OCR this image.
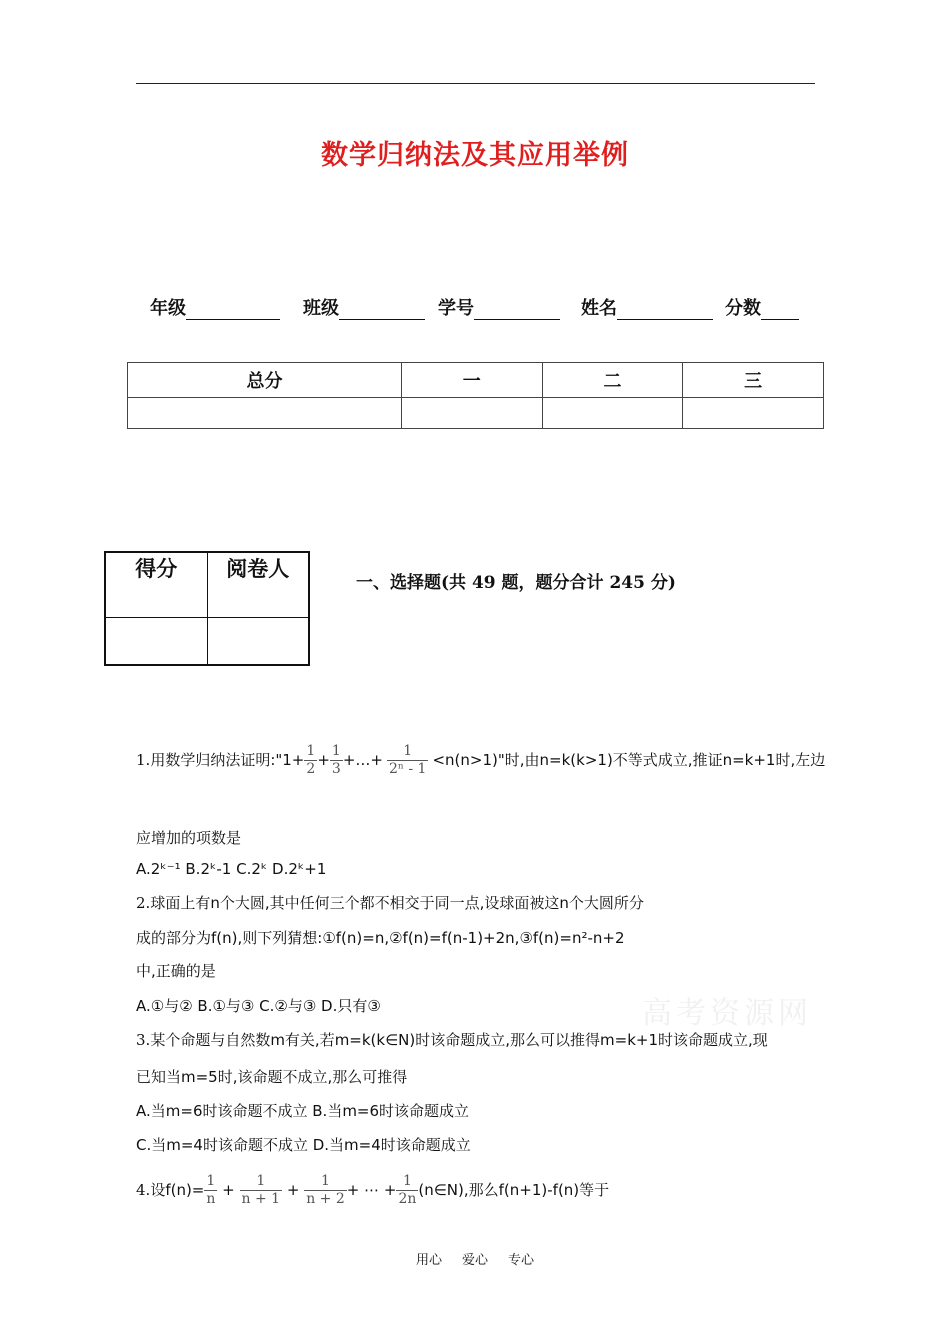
数学归纳法及其应用举例
年级	班级	学号	姓名	分数
总分	一	二	三

得分	阅卷人

一、选择题(共 49 题，题分合计 245 分)
1.用数学归纳法证明:"1+ $\frac{1}{2} + \frac{1}{3}$ +…+ $\frac{1}{\text{2ⁿ - 1}} <n(n>1)$"时,由n=k(k>1)不等式成立,推证n=k+1时,左边
应增加的项数是
A.2ᵏ⁻¹ B.2ᵏ-1 C.2ᵏ D.2ᵏ+1
2.球面上有n个大圆,其中任何三个都不相交于同一点,设球面被这n个大圆所分
成的部分为f(n),则下列猜想:①f(n)=n,②f(n)=f(n-1)+2n,③f(n)=n²-n+2
中,正确的是
A.①与② B.①与③ C.②与③ D.只有③	高考资源网
3.某个命题与自然数m有关,若m=k(k∈N)时该命题成立,那么可以推得m=k+1时该命题成立,现
已知当m=5时,该命题不成立,那么可推得
A.当m=6时该命题不成立 B.当m=6时该命题成立
C.当m=4时该命题不成立 D.当m=4时该命题成立
4.设$f(n)= \frac{1}{n} + \frac{1}{n + 1} + \frac{1}{n + 2}$ + ⋯ + $\frac{1}{2n}$ (n∈N),那么f(n+1)-f(n)等于
用心 爱心 专心
